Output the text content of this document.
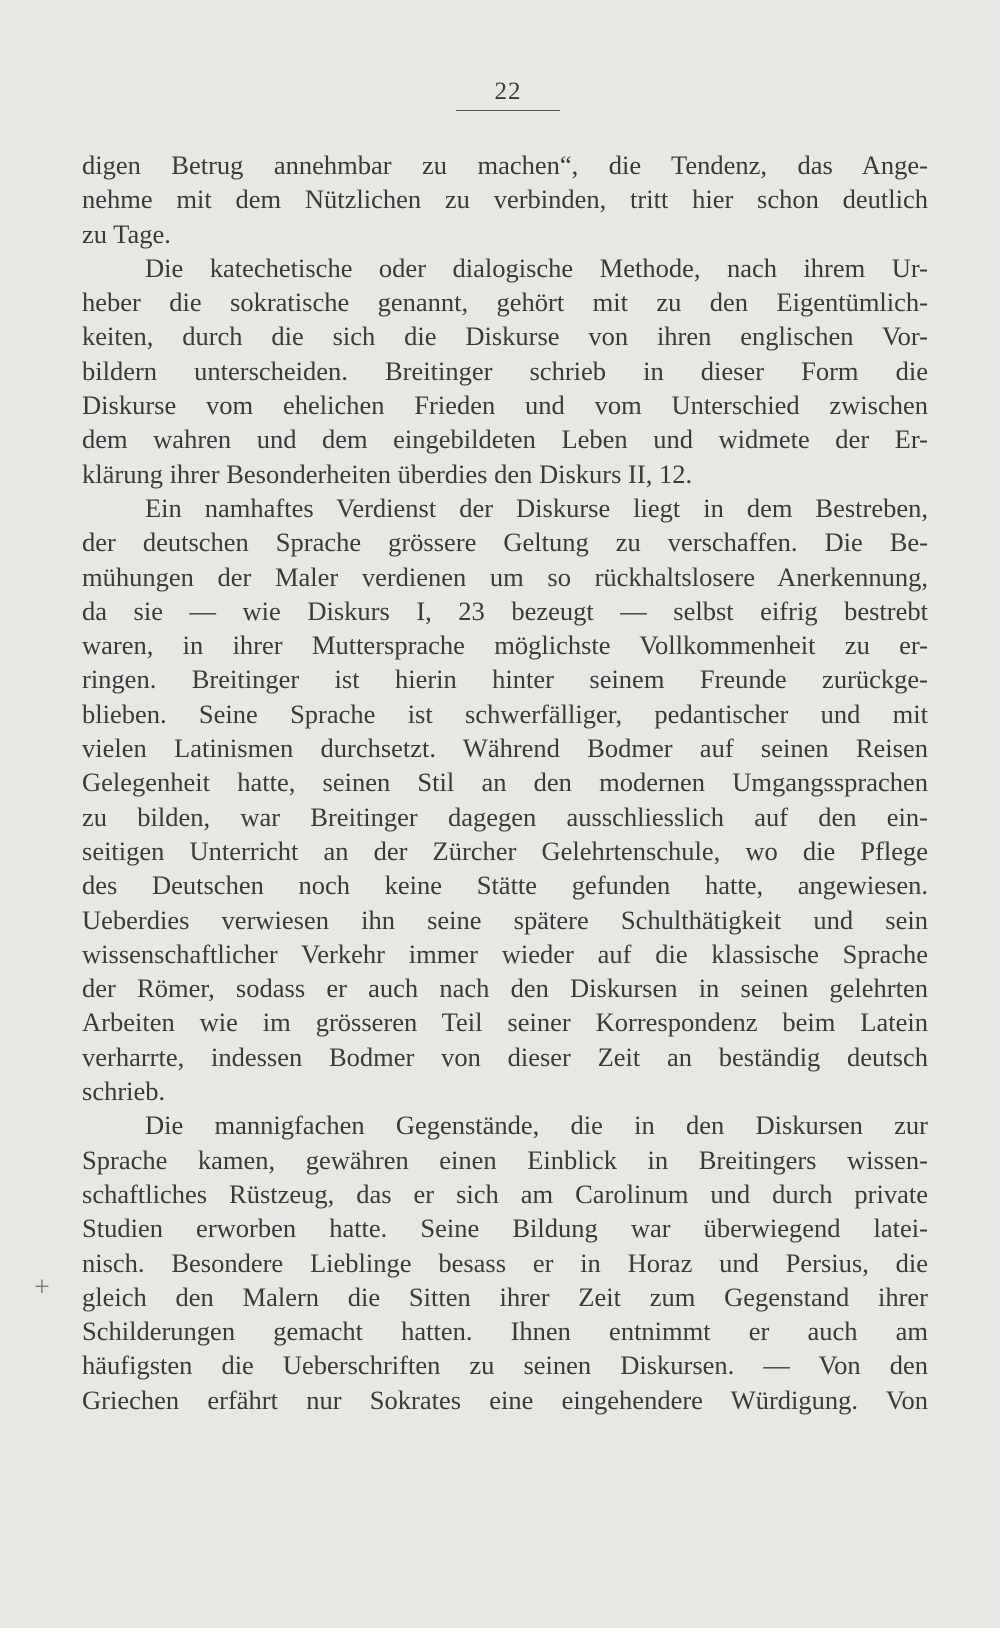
22
+
digen Betrug annehmbar zu machen“, die Tendenz, das Ange-
nehme mit dem Nützlichen zu verbinden, tritt hier schon deutlich
zu Tage.
Die katechetische oder dialogische Methode, nach ihrem Ur-
heber die sokratische genannt, gehört mit zu den Eigentümlich-
keiten, durch die sich die Diskurse von ihren englischen Vor-
bildern unterscheiden. Breitinger schrieb in dieser Form die
Diskurse vom ehelichen Frieden und vom Unterschied zwischen
dem wahren und dem eingebildeten Leben und widmete der Er-
klärung ihrer Besonderheiten überdies den Diskurs II, 12.
Ein namhaftes Verdienst der Diskurse liegt in dem Bestreben,
der deutschen Sprache grössere Geltung zu verschaffen. Die Be-
mühungen der Maler verdienen um so rückhaltslosere Anerkennung,
da sie — wie Diskurs I, 23 bezeugt — selbst eifrig bestrebt
waren, in ihrer Muttersprache möglichste Vollkommenheit zu er-
ringen. Breitinger ist hierin hinter seinem Freunde zurückge-
blieben. Seine Sprache ist schwerfälliger, pedantischer und mit
vielen Latinismen durchsetzt. Während Bodmer auf seinen Reisen
Gelegenheit hatte, seinen Stil an den modernen Umgangssprachen
zu bilden, war Breitinger dagegen ausschliesslich auf den ein-
seitigen Unterricht an der Zürcher Gelehrtenschule, wo die Pflege
des Deutschen noch keine Stätte gefunden hatte, angewiesen.
Ueberdies verwiesen ihn seine spätere Schulthätigkeit und sein
wissenschaftlicher Verkehr immer wieder auf die klassische Sprache
der Römer, sodass er auch nach den Diskursen in seinen gelehrten
Arbeiten wie im grösseren Teil seiner Korrespondenz beim Latein
verharrte, indessen Bodmer von dieser Zeit an beständig deutsch
schrieb.
Die mannigfachen Gegenstände, die in den Diskursen zur
Sprache kamen, gewähren einen Einblick in Breitingers wissen-
schaftliches Rüstzeug, das er sich am Carolinum und durch private
Studien erworben hatte. Seine Bildung war überwiegend latei-
nisch. Besondere Lieblinge besass er in Horaz und Persius, die
gleich den Malern die Sitten ihrer Zeit zum Gegenstand ihrer
Schilderungen gemacht hatten. Ihnen entnimmt er auch am
häufigsten die Ueberschriften zu seinen Diskursen. — Von den
Griechen erfährt nur Sokrates eine eingehendere Würdigung. Von
